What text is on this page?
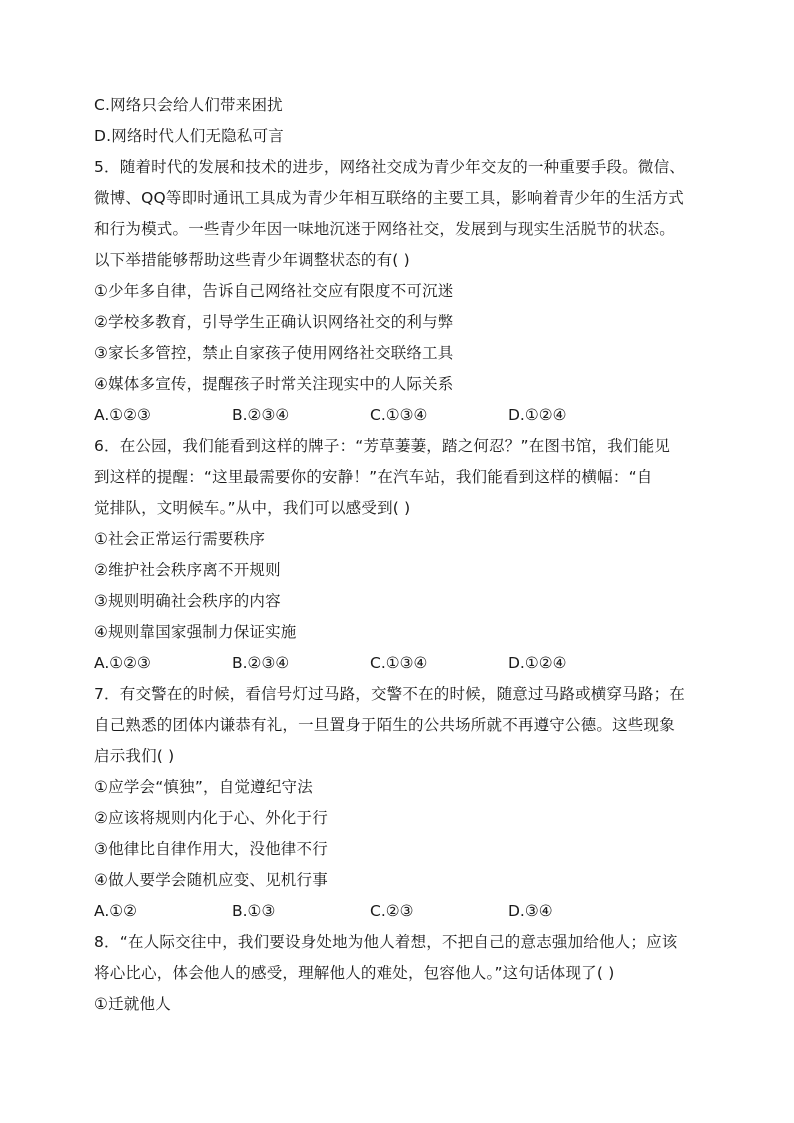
C.网络只会给人们带来困扰
D.网络时代人们无隐私可言
5．随着时代的发展和技术的进步，网络社交成为青少年交友的一种重要手段。微信、
微博、QQ等即时通讯工具成为青少年相互联络的主要工具，影响着青少年的生活方式
和行为模式。一些青少年因一味地沉迷于网络社交，发展到与现实生活脱节的状态。
以下举措能够帮助这些青少年调整状态的有( )
①少年多自律，告诉自己网络社交应有限度不可沉迷
②学校多教育，引导学生正确认识网络社交的利与弊
③家长多管控，禁止自家孩子使用网络社交联络工具
④媒体多宣传，提醒孩子时常关注现实中的人际关系
A.①②③	B.②③④	C.①③④	D.①②④
6．在公园，我们能看到这样的牌子：“芳草萋萋，踏之何忍？”在图书馆，我们能见
到这样的提醒：“这里最需要你的安静！”在汽车站，我们能看到这样的横幅：“自
觉排队，文明候车。”从中，我们可以感受到( )
①社会正常运行需要秩序
②维护社会秩序离不开规则
③规则明确社会秩序的内容
④规则靠国家强制力保证实施
A.①②③	B.②③④	C.①③④	D.①②④
7．有交警在的时候，看信号灯过马路，交警不在的时候，随意过马路或横穿马路；在
自己熟悉的团体内谦恭有礼，一旦置身于陌生的公共场所就不再遵守公德。这些现象
启示我们( )
①应学会“慎独”，自觉遵纪守法
②应该将规则内化于心、外化于行
③他律比自律作用大，没他律不行
④做人要学会随机应变、见机行事
A.①②	B.①③	C.②③	D.③④
8．“在人际交往中，我们要设身处地为他人着想，不把自己的意志强加给他人；应该
将心比心，体会他人的感受，理解他人的难处，包容他人。”这句话体现了( )
①迁就他人
